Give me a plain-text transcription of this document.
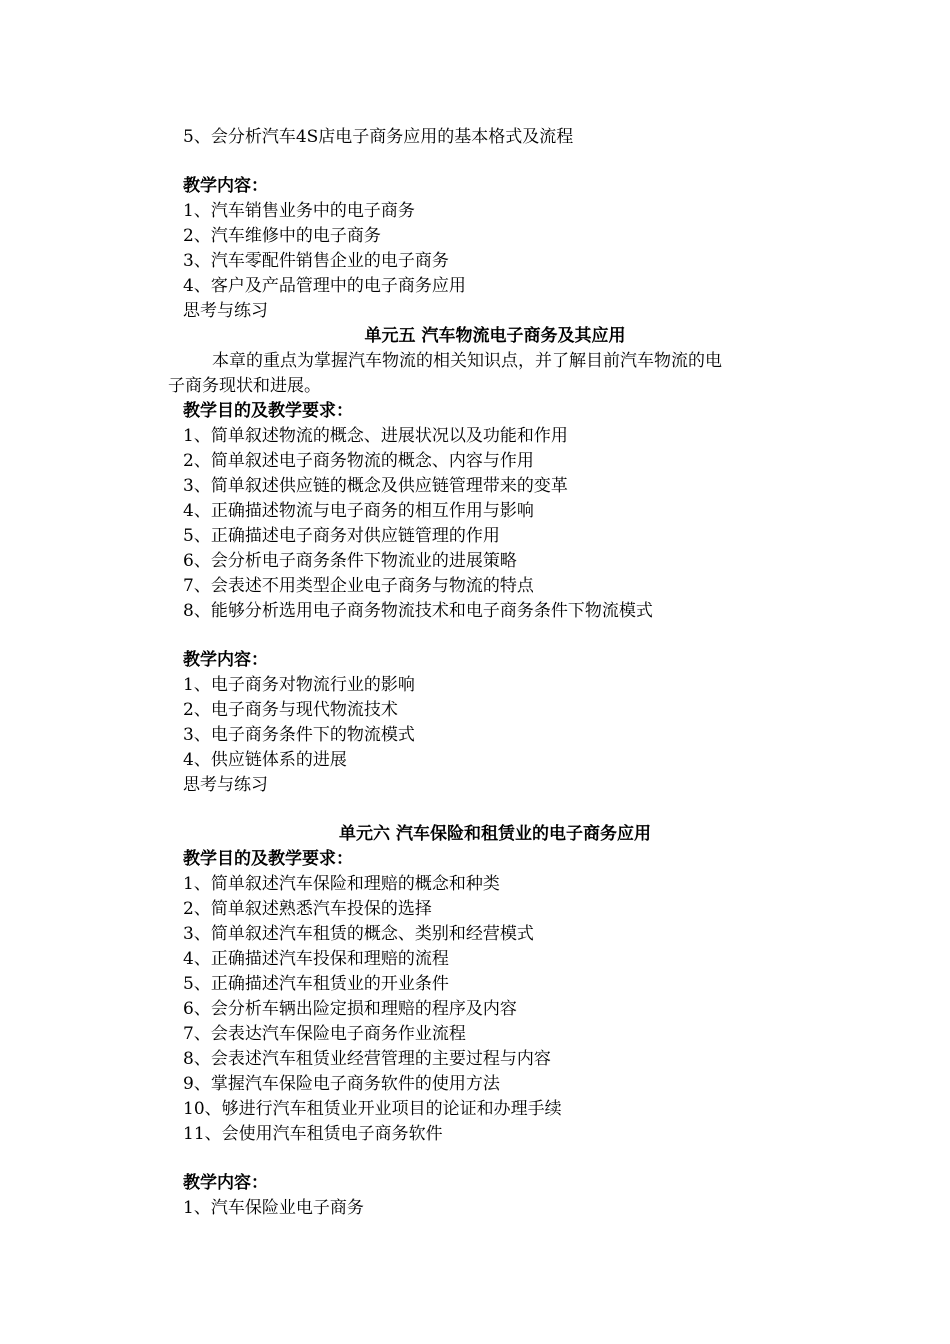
5、会分析汽车4S店电子商务应用的基本格式及流程
教学内容：
1、汽车销售业务中的电子商务
2、汽车维修中的电子商务
3、汽车零配件销售企业的电子商务
4、客户及产品管理中的电子商务应用
思考与练习
单元五 汽车物流电子商务及其应用
本章的重点为掌握汽车物流的相关知识点，并了解目前汽车物流的电
子商务现状和进展。
教学目的及教学要求：
1、简单叙述物流的概念、进展状况以及功能和作用
2、简单叙述电子商务物流的概念、内容与作用
3、简单叙述供应链的概念及供应链管理带来的变革
4、正确描述物流与电子商务的相互作用与影响
5、正确描述电子商务对供应链管理的作用
6、会分析电子商务条件下物流业的进展策略
7、会表述不用类型企业电子商务与物流的特点
8、能够分析选用电子商务物流技术和电子商务条件下物流模式
教学内容：
1、电子商务对物流行业的影响
2、电子商务与现代物流技术
3、电子商务条件下的物流模式
4、供应链体系的进展
思考与练习
单元六 汽车保险和租赁业的电子商务应用
教学目的及教学要求：
1、简单叙述汽车保险和理赔的概念和种类
2、简单叙述熟悉汽车投保的选择
3、简单叙述汽车租赁的概念、类别和经营模式
4、正确描述汽车投保和理赔的流程
5、正确描述汽车租赁业的开业条件
6、会分析车辆出险定损和理赔的程序及内容
7、会表达汽车保险电子商务作业流程
8、会表述汽车租赁业经营管理的主要过程与内容
9、掌握汽车保险电子商务软件的使用方法
10、够进行汽车租赁业开业项目的论证和办理手续
11、会使用汽车租赁电子商务软件
教学内容：
1、汽车保险业电子商务
